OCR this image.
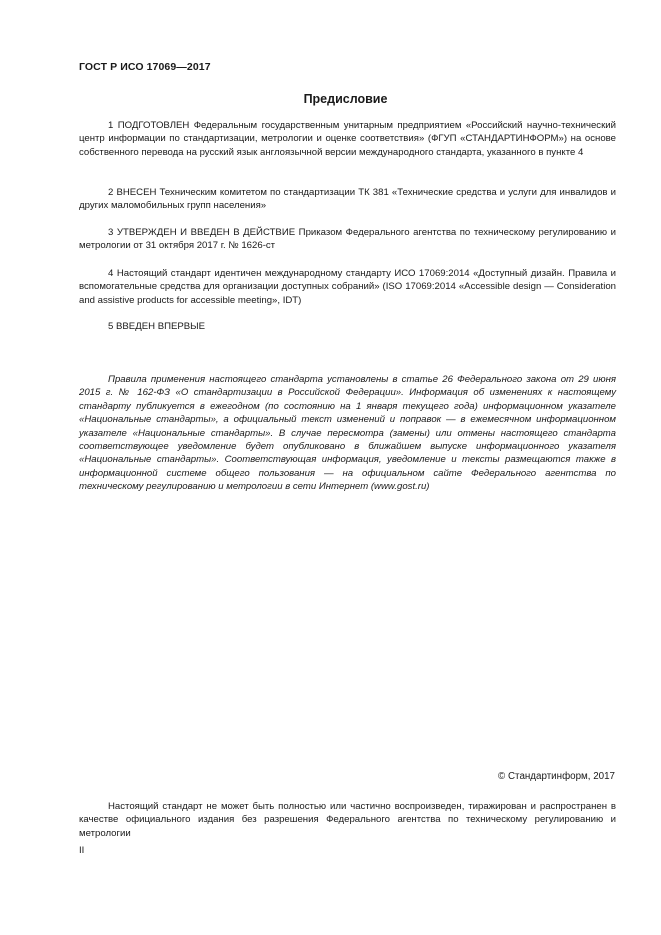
ГОСТ Р ИСО 17069—2017
Предисловие
1 ПОДГОТОВЛЕН Федеральным государственным унитарным предприятием «Российский научно-технический центр информации по стандартизации, метрологии и оценке соответствия» (ФГУП «СТАНДАРТИНФОРМ») на основе собственного перевода на русский язык англоязычной версии международного стандарта, указанного в пункте 4
2 ВНЕСЕН Техническим комитетом по стандартизации ТК 381 «Технические средства и услуги для инвалидов и других маломобильных групп населения»
3 УТВЕРЖДЕН И ВВЕДЕН В ДЕЙСТВИЕ Приказом Федерального агентства по техническому регулированию и метрологии от 31 октября 2017 г. № 1626-ст
4 Настоящий стандарт идентичен международному стандарту ИСО 17069:2014 «Доступный дизайн. Правила и вспомогательные средства для организации доступных собраний» (ISO 17069:2014 «Accessible design — Consideration and assistive products for accessible meeting», IDT)
5 ВВЕДЕН ВПЕРВЫЕ
Правила применения настоящего стандарта установлены в статье 26 Федерального закона от 29 июня 2015 г. № 162-ФЗ «О стандартизации в Российской Федерации». Информация об изменениях к настоящему стандарту публикуется в ежегодном (по состоянию на 1 января текущего года) информационном указателе «Национальные стандарты», а официальный текст изменений и поправок — в ежемесячном информационном указателе «Национальные стандарты». В случае пересмотра (замены) или отмены настоящего стандарта соответствующее уведомление будет опубликовано в ближайшем выпуске информационного указателя «Национальные стандарты». Соответствующая информация, уведомление и тексты размещаются также в информационной системе общего пользования — на официальном сайте Федерального агентства по техническому регулированию и метрологии в сети Интернет (www.gost.ru)
© Стандартинформ, 2017
Настоящий стандарт не может быть полностью или частично воспроизведен, тиражирован и распространен в качестве официального издания без разрешения Федерального агентства по техническому регулированию и метрологии
II
